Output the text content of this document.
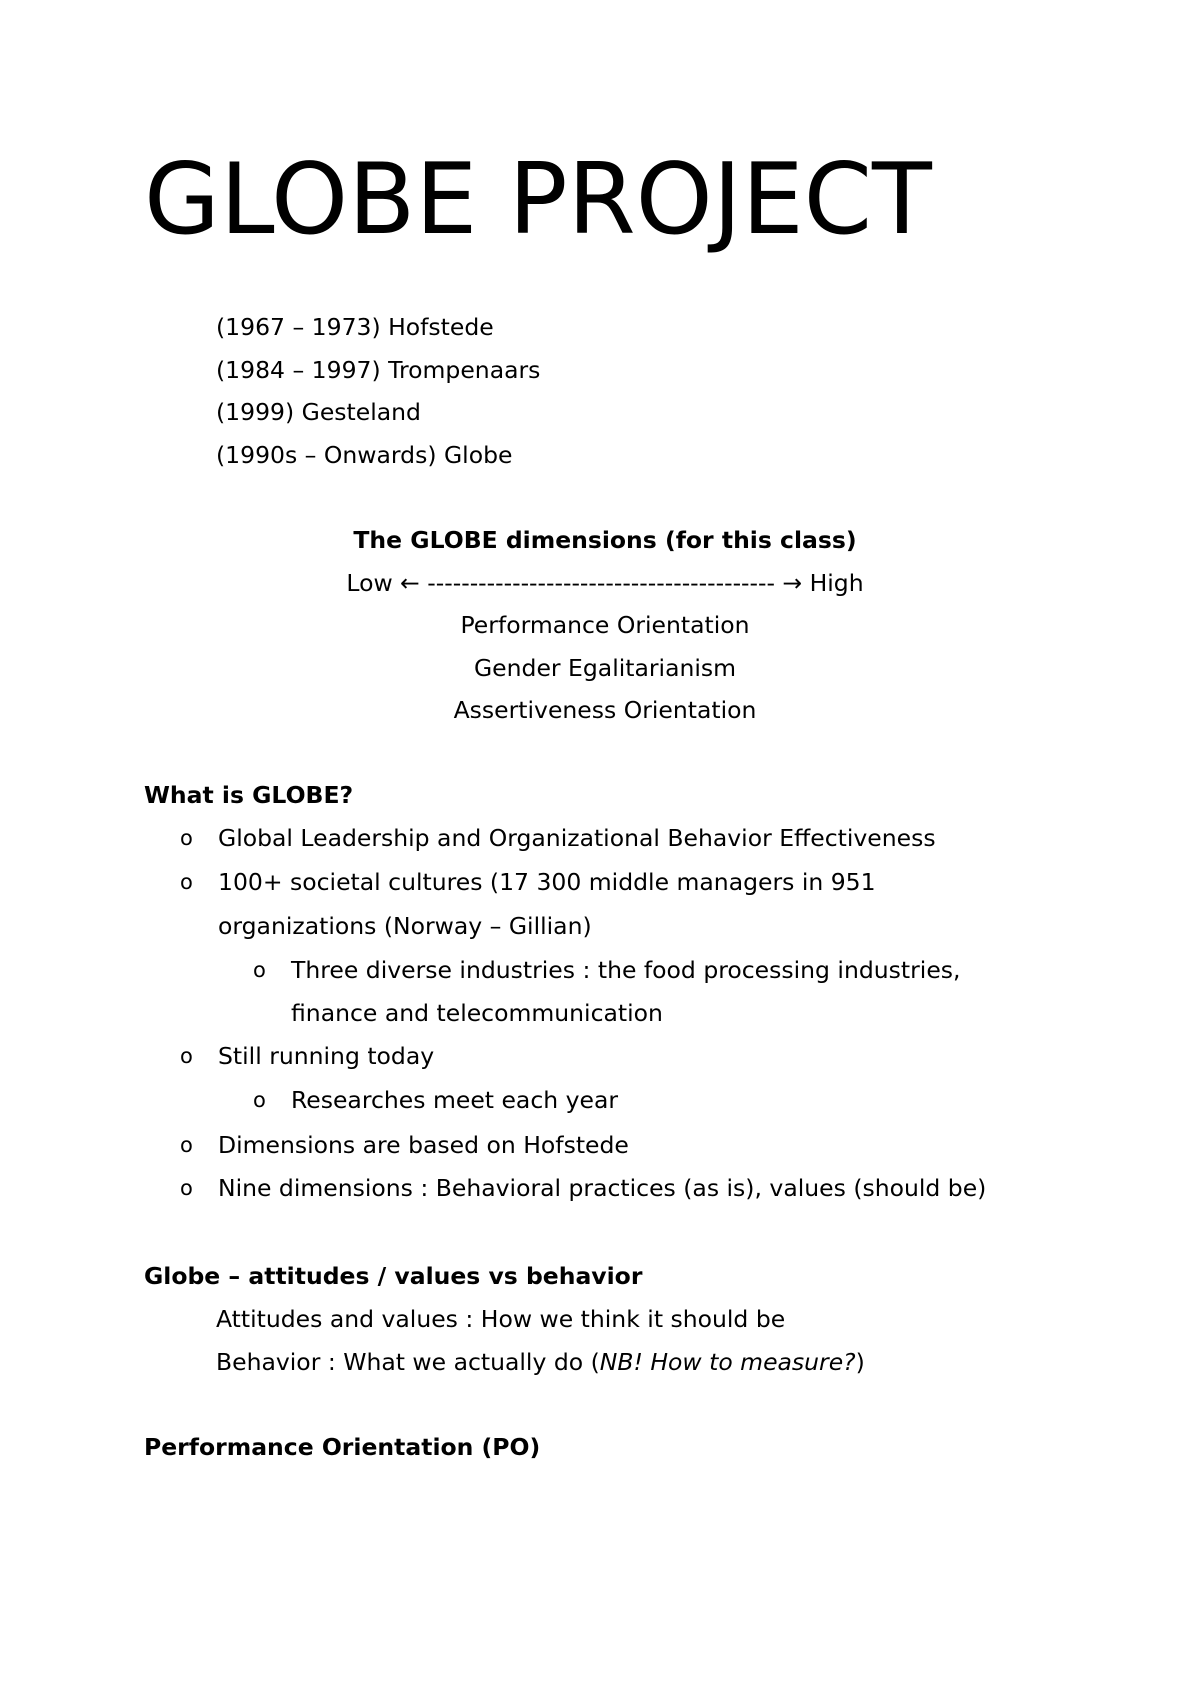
GLOBE PROJECT
(1967 – 1973) Hofstede
(1984 – 1997) Trompenaars
(1999) Gesteland
(1990s – Onwards) Globe
The GLOBE dimensions (for this class)
Low ← ----------------------------------------- → High
Performance Orientation
Gender Egalitarianism
Assertiveness Orientation
What is GLOBE?
o Global Leadership and Organizational Behavior Effectiveness
o 100+ societal cultures (17 300 middle managers in 951
organizations (Norway – Gillian)
o Three diverse industries : the food processing industries,
finance and telecommunication
o Still running today
o Researches meet each year
o Dimensions are based on Hofstede
o Nine dimensions : Behavioral practices (as is), values (should be)
Globe – attitudes / values vs behavior
Attitudes and values : How we think it should be
Behavior : What we actually do (NB! How to measure?)
Performance Orientation (PO)
